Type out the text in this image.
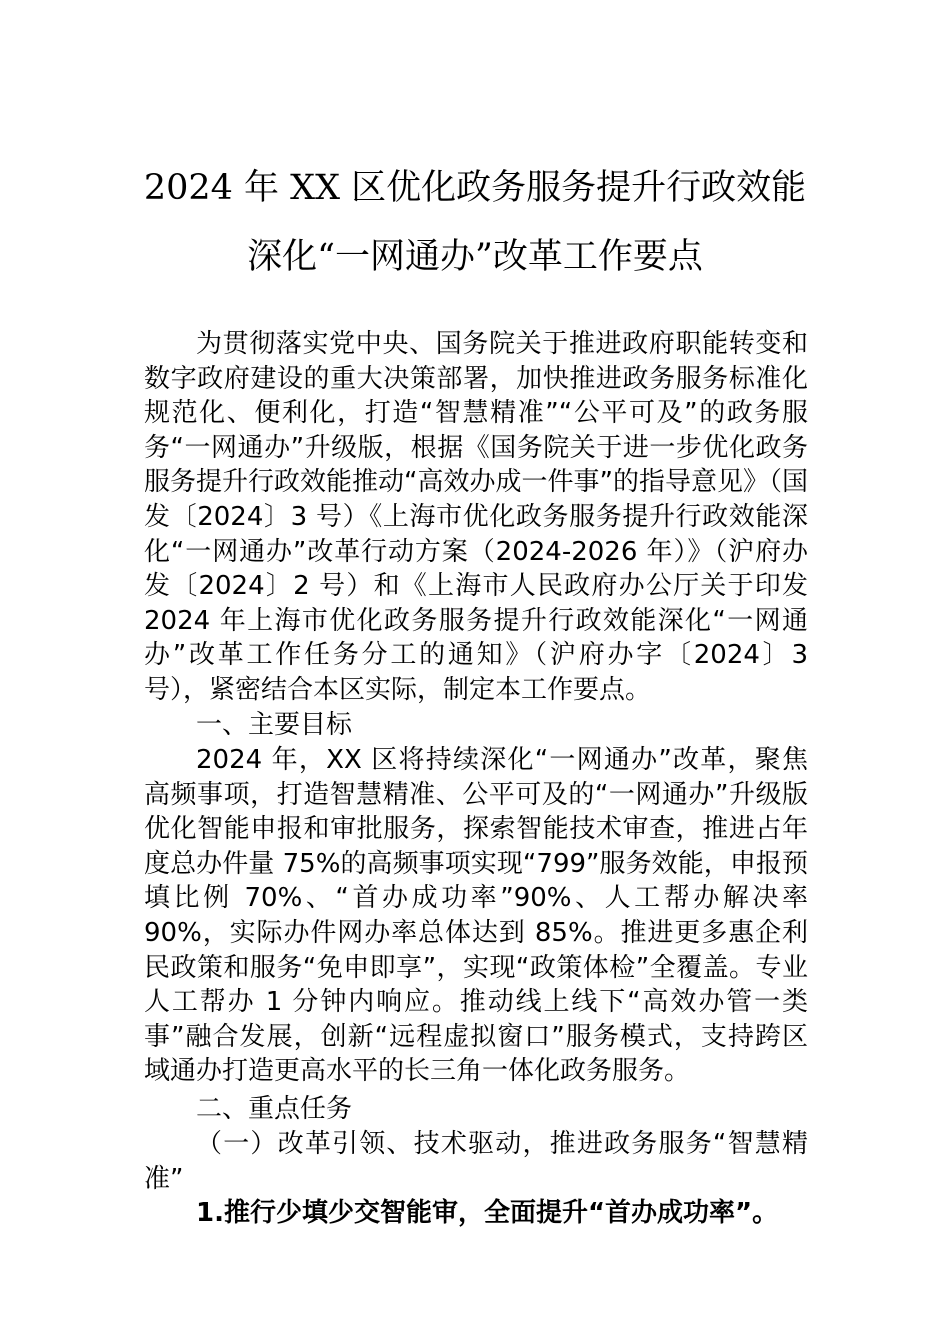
2024 年 XX 区优化政务服务提升行政效能
深化“一网通办”改革工作要点

为贯彻落实党中央、国务院关于推进政府职能转变和数字政府建设的重大决策部署，加快推进政务服务标准化规范化、便利化，打造“智慧精准”“公平可及”的政务服务“一网通办”升级版，根据《国务院关于进一步优化政务服务提升行政效能推动“高效办成一件事”的指导意见》（国发〔2024〕3 号）《上海市优化政务服务提升行政效能深化“一网通办”改革行动方案（2024-2026 年）》（沪府办发〔2024〕2 号）和《上海市人民政府办公厅关于印发 2024 年上海市优化政务服务提升行政效能深化“一网通办”改革工作任务分工的通知》（沪府办字〔2024〕3 号），紧密结合本区实际，制定本工作要点。

一、主要目标

2024 年，XX 区将持续深化“一网通办”改革，聚焦高频事项，打造智慧精准、公平可及的“一网通办”升级版优化智能申报和审批服务，探索智能技术审查，推进占年度总办件量 75%的高频事项实现“799”服务效能，申报预填比例 70%、“首办成功率”90%、人工帮办解决率 90%，实际办件网办率总体达到 85%。推进更多惠企利民政策和服务“免申即享”，实现“政策体检”全覆盖。专业人工帮办 1 分钟内响应。推动线上线下“高效办管一类事”融合发展，创新“远程虚拟窗口”服务模式，支持跨区域通办打造更高水平的长三角一体化政务服务。

二、重点任务

（一）改革引领、技术驱动，推进政务服务“智慧精准”

1.推行少填少交智能审，全面提升“首办成功率”。
